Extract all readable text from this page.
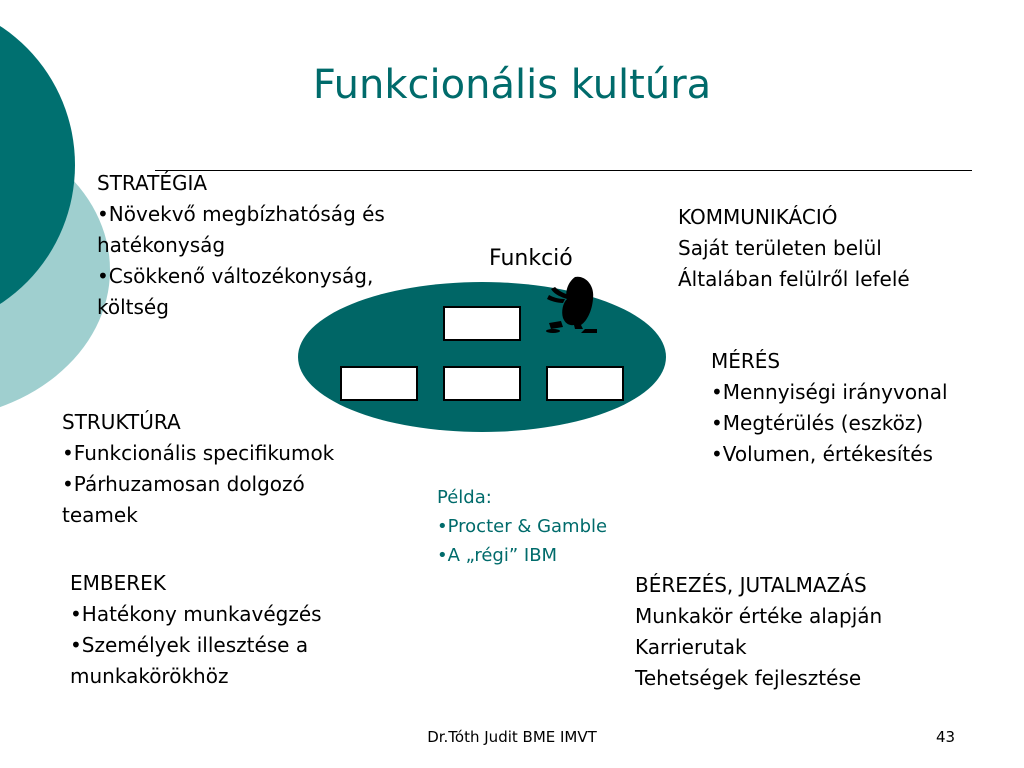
Funkcionális kultúra
STRATÉGIA
•Növekvő megbízhatóság és
hatékonyság
•Csökkenő változékonyság,
költség
KOMMUNIKÁCIÓ
Saját területen belül
Általában felülről lefelé
MÉRÉS
•Mennyiségi irányvonal
•Megtérülés (eszköz)
•Volumen, értékesítés
STRUKTÚRA
•Funkcionális specifikumok
•Párhuzamosan dolgozó
teamek
EMBEREK
•Hatékony munkavégzés
•Személyek illesztése a
munkakörökhöz
BÉREZÉS, JUTALMAZÁS
Munkakör értéke alapján
Karrierutak
Tehetségek fejlesztése
Példa:
•Procter & Gamble
•A „régi” IBM
Funkció
Dr.Tóth Judit BME IMVT	43
